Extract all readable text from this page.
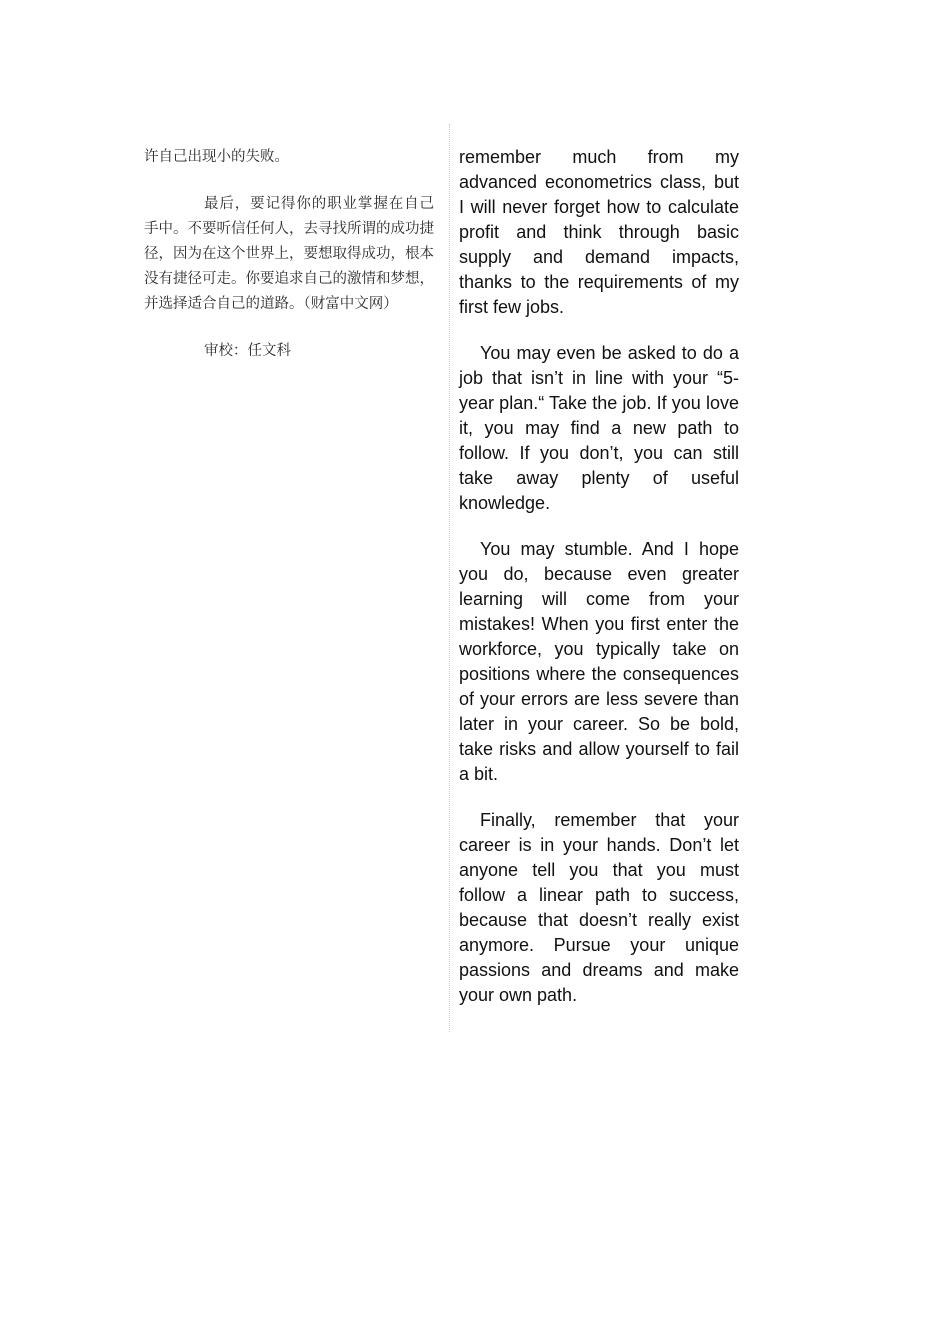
许自己出现小的失败。

最后，要记得你的职业掌握在自己手中。不要听信任何人，去寻找所谓的成功捷径，因为在这个世界上，要想取得成功，根本没有捷径可走。你要追求自己的激情和梦想，并选择适合自己的道路。（财富中文网）

审校：任文科

remember much from my advanced econometrics class, but I will never forget how to calculate profit and think through basic supply and demand impacts, thanks to the requirements of my first few jobs.

You may even be asked to do a job that isn’t in line with your “5-year plan.“ Take the job. If you love it, you may find a new path to follow. If you don’t, you can still take away plenty of useful knowledge.

You may stumble. And I hope you do, because even greater learning will come from your mistakes! When you first enter the workforce, you typically take on positions where the consequences of your errors are less severe than later in your career. So be bold, take risks and allow yourself to fail a bit.

Finally, remember that your career is in your hands. Don’t let anyone tell you that you must follow a linear path to success, because that doesn’t really exist anymore. Pursue your unique passions and dreams and make your own path.
